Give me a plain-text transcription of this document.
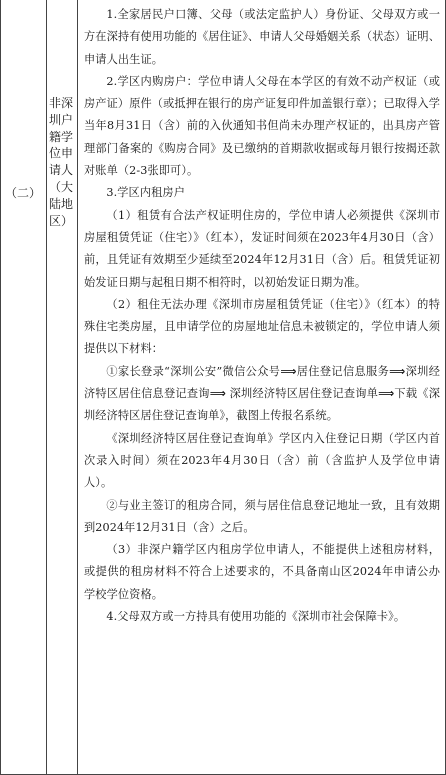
（二）
非深圳户籍学位申请人（大陆地区）

1.全家居民户口簿、父母（或法定监护人）身份证、父母双方或一方在深持有使用功能的《居住证》、申请人父母婚姻关系（状态）证明、申请人出生证。

2.学区内购房户：学位申请人父母在本学区的有效不动产权证（或房产证）原件（或抵押在银行的房产证复印件加盖银行章）；已取得入学当年8月31日（含）前的入伙通知书但尚未办理产权证的，出具房产管理部门备案的《购房合同》及已缴纳的首期款收据或每月银行按揭还款对账单（2-3张即可）。

3.学区内租房户

（1）租赁有合法产权证明住房的，学位申请人必须提供《深圳市房屋租赁凭证（住宅）》（红本），发证时间须在2023年4月30日（含）前，且凭证有效期至少延续至2024年12月31日（含）后。租赁凭证初始发证日期与起租日期不相符时，以初始发证日期为准。

（2）租住无法办理《深圳市房屋租赁凭证（住宅）》（红本）的特殊住宅类房屋，且申请学位的房屋地址信息未被锁定的，学位申请人须提供以下材料：

①家长登录“深圳公安”微信公众号⟹居住登记信息服务⟹深圳经济特区居住信息登记查询⟹ 深圳经济特区居住登记查询单⟹下载《深圳经济特区居住登记查询单》，截图上传报名系统。

《深圳经济特区居住登记查询单》学区内入住登记日期（学区内首次录入时间）须在2023年4月30日（含）前（含监护人及学位申请人）。

②与业主签订的租房合同，须与居住信息登记地址一致，且有效期到2024年12月31日（含）之后。

（3）非深户籍学区内租房学位申请人，不能提供上述租房材料，或提供的租房材料不符合上述要求的，不具备南山区2024年申请公办学校学位资格。

4.父母双方或一方持具有使用功能的《深圳市社会保障卡》。
